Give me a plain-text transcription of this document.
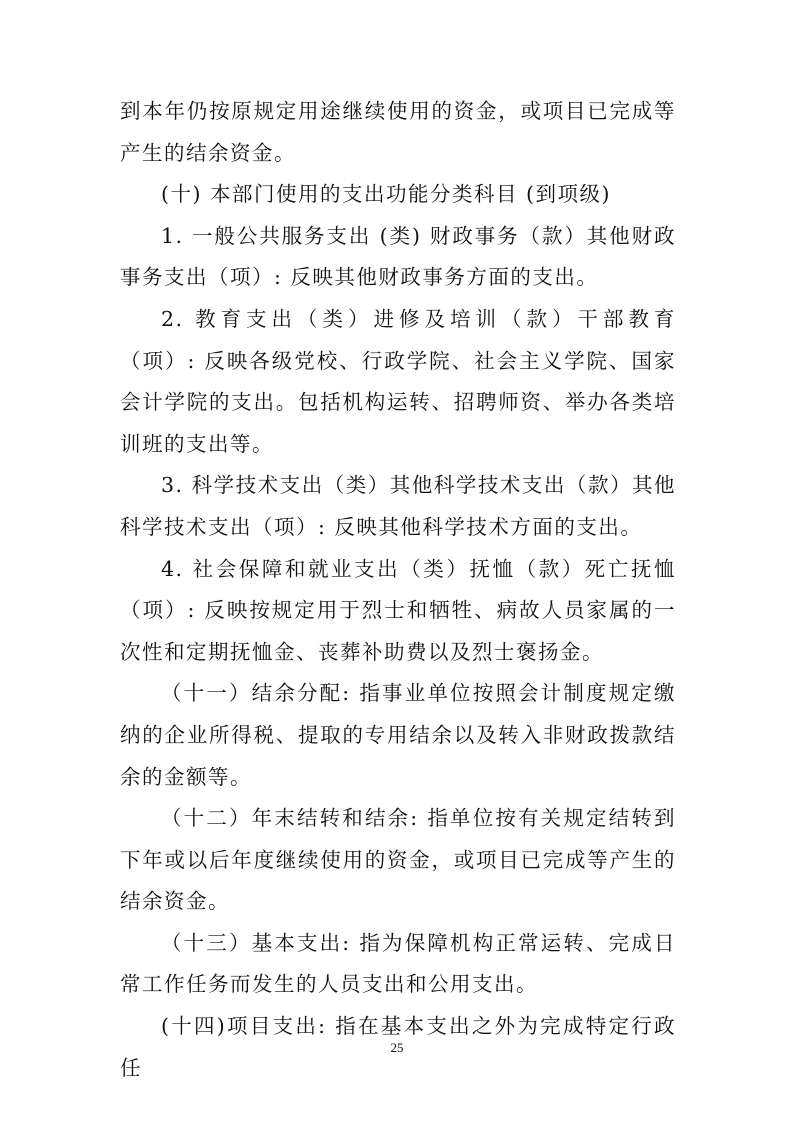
到本年仍按原规定用途继续使用的资金，或项目已完成等产生的结余资金。

(十) 本部门使用的支出功能分类科目 (到项级)

1. 一般公共服务支出 (类) 财政事务（款）其他财政事务支出（项）: 反映其他财政事务方面的支出。

2. 教育支出（类）进修及培训（款）干部教育（项）: 反映各级党校、行政学院、社会主义学院、国家会计学院的支出。包括机构运转、招聘师资、举办各类培训班的支出等。

3. 科学技术支出（类）其他科学技术支出（款）其他科学技术支出（项）: 反映其他科学技术方面的支出。

4. 社会保障和就业支出（类）抚恤（款）死亡抚恤（项）: 反映按规定用于烈士和牺牲、病故人员家属的一次性和定期抚恤金、丧葬补助费以及烈士褒扬金。

（十一）结余分配: 指事业单位按照会计制度规定缴纳的企业所得税、提取的专用结余以及转入非财政拨款结余的金额等。

（十二）年末结转和结余: 指单位按有关规定结转到下年或以后年度继续使用的资金，或项目已完成等产生的结余资金。

（十三）基本支出: 指为保障机构正常运转、完成日常工作任务而发生的人员支出和公用支出。

(十四)项目支出: 指在基本支出之外为完成特定行政任

25
